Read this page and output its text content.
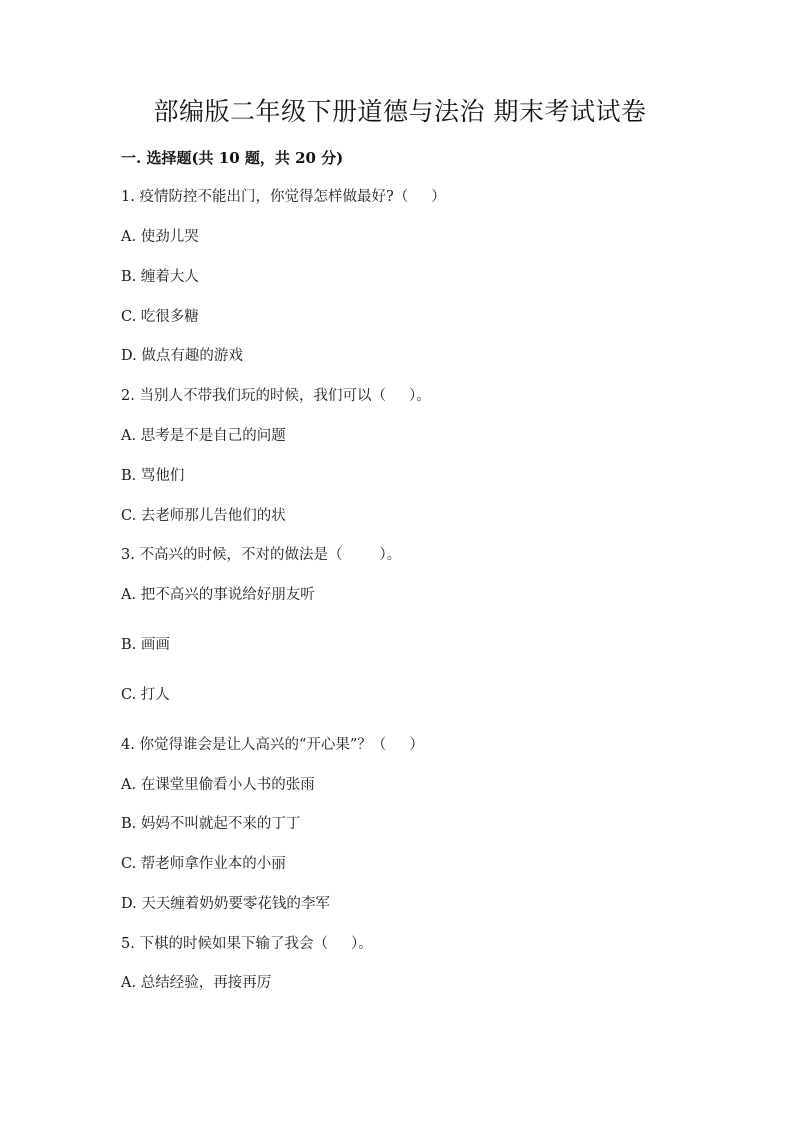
部编版二年级下册道德与法治 期末考试试卷
一. 选择题(共 10 题，共 20 分)
1. 疫情防控不能出门，你觉得怎样做最好?（     ）
A. 使劲儿哭
B. 缠着大人
C. 吃很多糖
D. 做点有趣的游戏
2. 当别人不带我们玩的时候，我们可以（     ）。
A. 思考是不是自己的问题
B. 骂他们
C. 去老师那儿告他们的状
3. 不高兴的时候，不对的做法是（        ）。
A. 把不高兴的事说给好朋友听
B. 画画
C. 打人
4. 你觉得谁会是让人高兴的“开心果”？（     ）
A. 在课堂里偷看小人书的张雨
B. 妈妈不叫就起不来的丁丁
C. 帮老师拿作业本的小丽
D. 天天缠着奶奶要零花钱的李军
5. 下棋的时候如果下输了我会（     ）。
A. 总结经验，再接再厉
